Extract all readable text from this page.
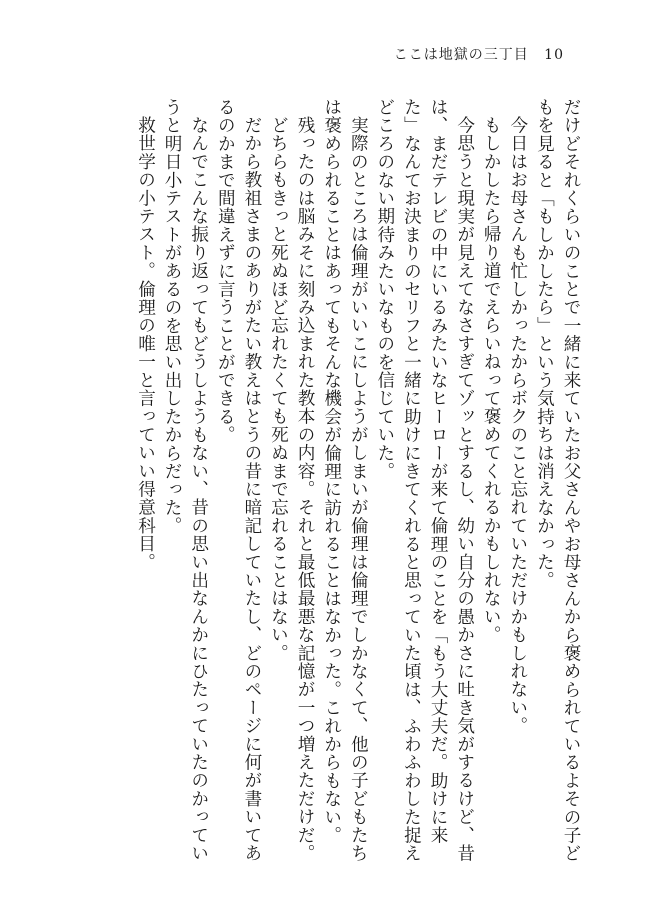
ここは地獄の三丁目 10

だけどそれくらいのことで一緒に来ていたお父さんやお母さんから褒められているよその子どもを見ると「もしかしたら」という気持ちは消えなかった。

今日はお母さんも忙しかったからボクのこと忘れていただけかもしれない。

もしかしたら帰り道でえらいねって褒めてくれるかもしれない。

今思うと現実が見えてなさすぎてゾッとするし、幼い自分の愚かさに吐き気がするけど、昔は、まだテレビの中にいるみたいなヒーローが来て倫理のことを「もう大丈夫だ。助けに来た」なんてお決まりのセリフと一緒に助けにきてくれると思っていた頃は、ふわふわした捉えどころのない期待みたいなものを信じていた。

実際のところは倫理がいいこにしようがしまいが倫理は倫理でしかなくて、他の子どもたちは褒められることはあってもそんな機会が倫理に訪れることはなかった。これからもない。

残ったのは脳みそに刻み込まれた教本の内容。それと最低最悪な記憶が一つ増えただけだ。

どちらもきっと死ぬほど忘れたくても死ぬまで忘れることはない。

だから教祖さまのありがたい教えはとうの昔に暗記していたし、どのページに何が書いてあるのかまで間違えずに言うことができる。

なんでこんな振り返ってもどうしようもない、昔の思い出なんかにひたっていたのかっていうと明日小テストがあるのを思い出したからだった。

救世学の小テスト。倫理の唯一と言っていい得意科目。
